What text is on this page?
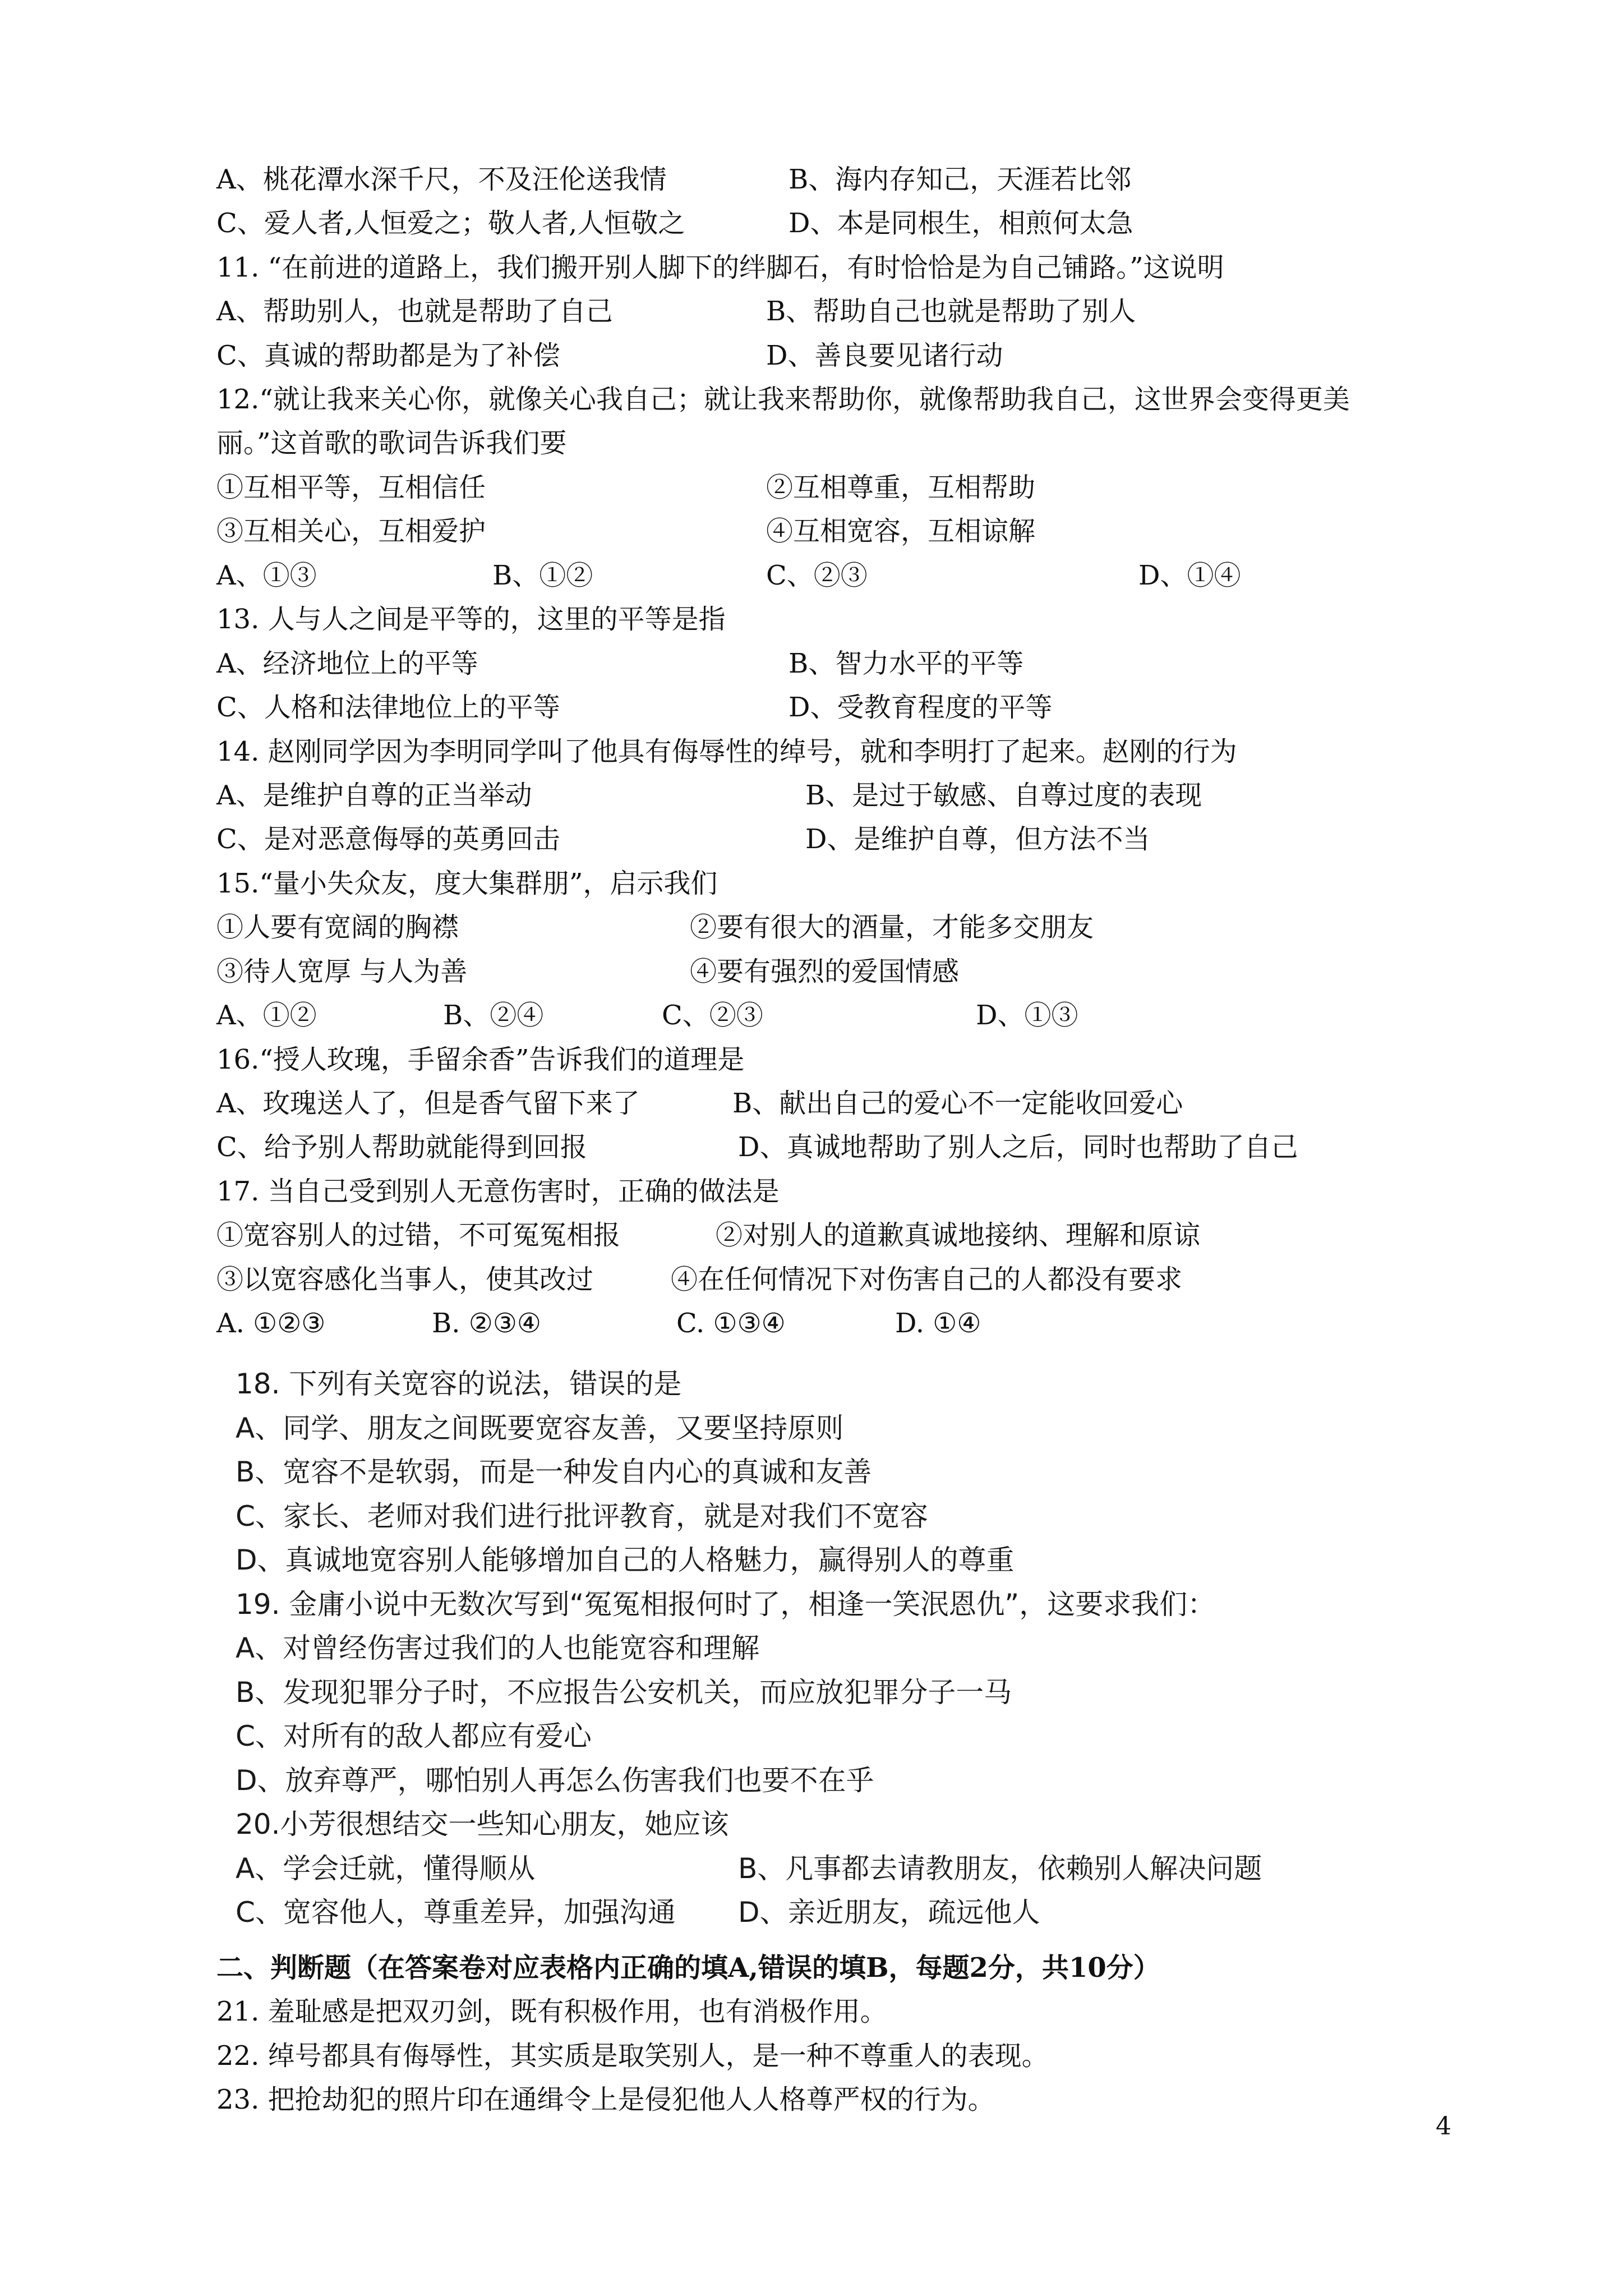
A、桃花潭水深千尺，不及汪伦送我情	B、海内存知己，天涯若比邻
C、爱人者,人恒爱之；敬人者,人恒敬之	D、本是同根生，相煎何太急
11. “在前进的道路上，我们搬开别人脚下的绊脚石，有时恰恰是为自己铺路。”这说明
A、帮助别人，也就是帮助了自己	B、帮助自己也就是帮助了别人
C、真诚的帮助都是为了补偿	D、善良要见诸行动
12.“就让我来关心你，就像关心我自己；就让我来帮助你，就像帮助我自己，这世界会变得更美
丽。”这首歌的歌词告诉我们要
①互相平等，互相信任	②互相尊重，互相帮助
③互相关心，互相爱护	④互相宽容，互相谅解
A、①③	B、①②	C、②③	D、①④
13. 人与人之间是平等的，这里的平等是指
A、经济地位上的平等	B、智力水平的平等
C、人格和法律地位上的平等	D、受教育程度的平等
14. 赵刚同学因为李明同学叫了他具有侮辱性的绰号，就和李明打了起来。赵刚的行为
A、是维护自尊的正当举动	B、是过于敏感、自尊过度的表现
C、是对恶意侮辱的英勇回击	D、是维护自尊，但方法不当
15.“量小失众友，度大集群朋”，启示我们
①人要有宽阔的胸襟	②要有很大的酒量，才能多交朋友
③待人宽厚 与人为善	④要有强烈的爱国情感
A、①②	B、②④	C、②③	D、①③
16.“授人玫瑰，手留余香”告诉我们的道理是
A、玫瑰送人了，但是香气留下来了	B、献出自己的爱心不一定能收回爱心
C、给予别人帮助就能得到回报	D、真诚地帮助了别人之后，同时也帮助了自己
17. 当自己受到别人无意伤害时，正确的做法是
①宽容别人的过错，不可冤冤相报	②对别人的道歉真诚地接纳、理解和原谅
③以宽容感化当事人，使其改过	④在任何情况下对伤害自己的人都没有要求
A. ①②③	B. ②③④	C. ①③④	D. ①④
18. 下列有关宽容的说法，错误的是
A、同学、朋友之间既要宽容友善，又要坚持原则
B、宽容不是软弱，而是一种发自内心的真诚和友善
C、家长、老师对我们进行批评教育，就是对我们不宽容
D、真诚地宽容别人能够增加自己的人格魅力，赢得别人的尊重
19. 金庸小说中无数次写到“冤冤相报何时了，相逢一笑泯恩仇”，这要求我们：
A、对曾经伤害过我们的人也能宽容和理解
B、发现犯罪分子时，不应报告公安机关，而应放犯罪分子一马
C、对所有的敌人都应有爱心
D、放弃尊严，哪怕别人再怎么伤害我们也要不在乎
20.小芳很想结交一些知心朋友，她应该
A、学会迁就，懂得顺从	B、凡事都去请教朋友，依赖别人解决问题
C、宽容他人，尊重差异，加强沟通 D、亲近朋友，疏远他人
二、判断题（在答案卷对应表格内正确的填A,错误的填B，每题2分，共10分）
21. 羞耻感是把双刃剑，既有积极作用，也有消极作用。
22. 绰号都具有侮辱性，其实质是取笑别人，是一种不尊重人的表现。
23. 把抢劫犯的照片印在通缉令上是侵犯他人人格尊严权的行为。
4
